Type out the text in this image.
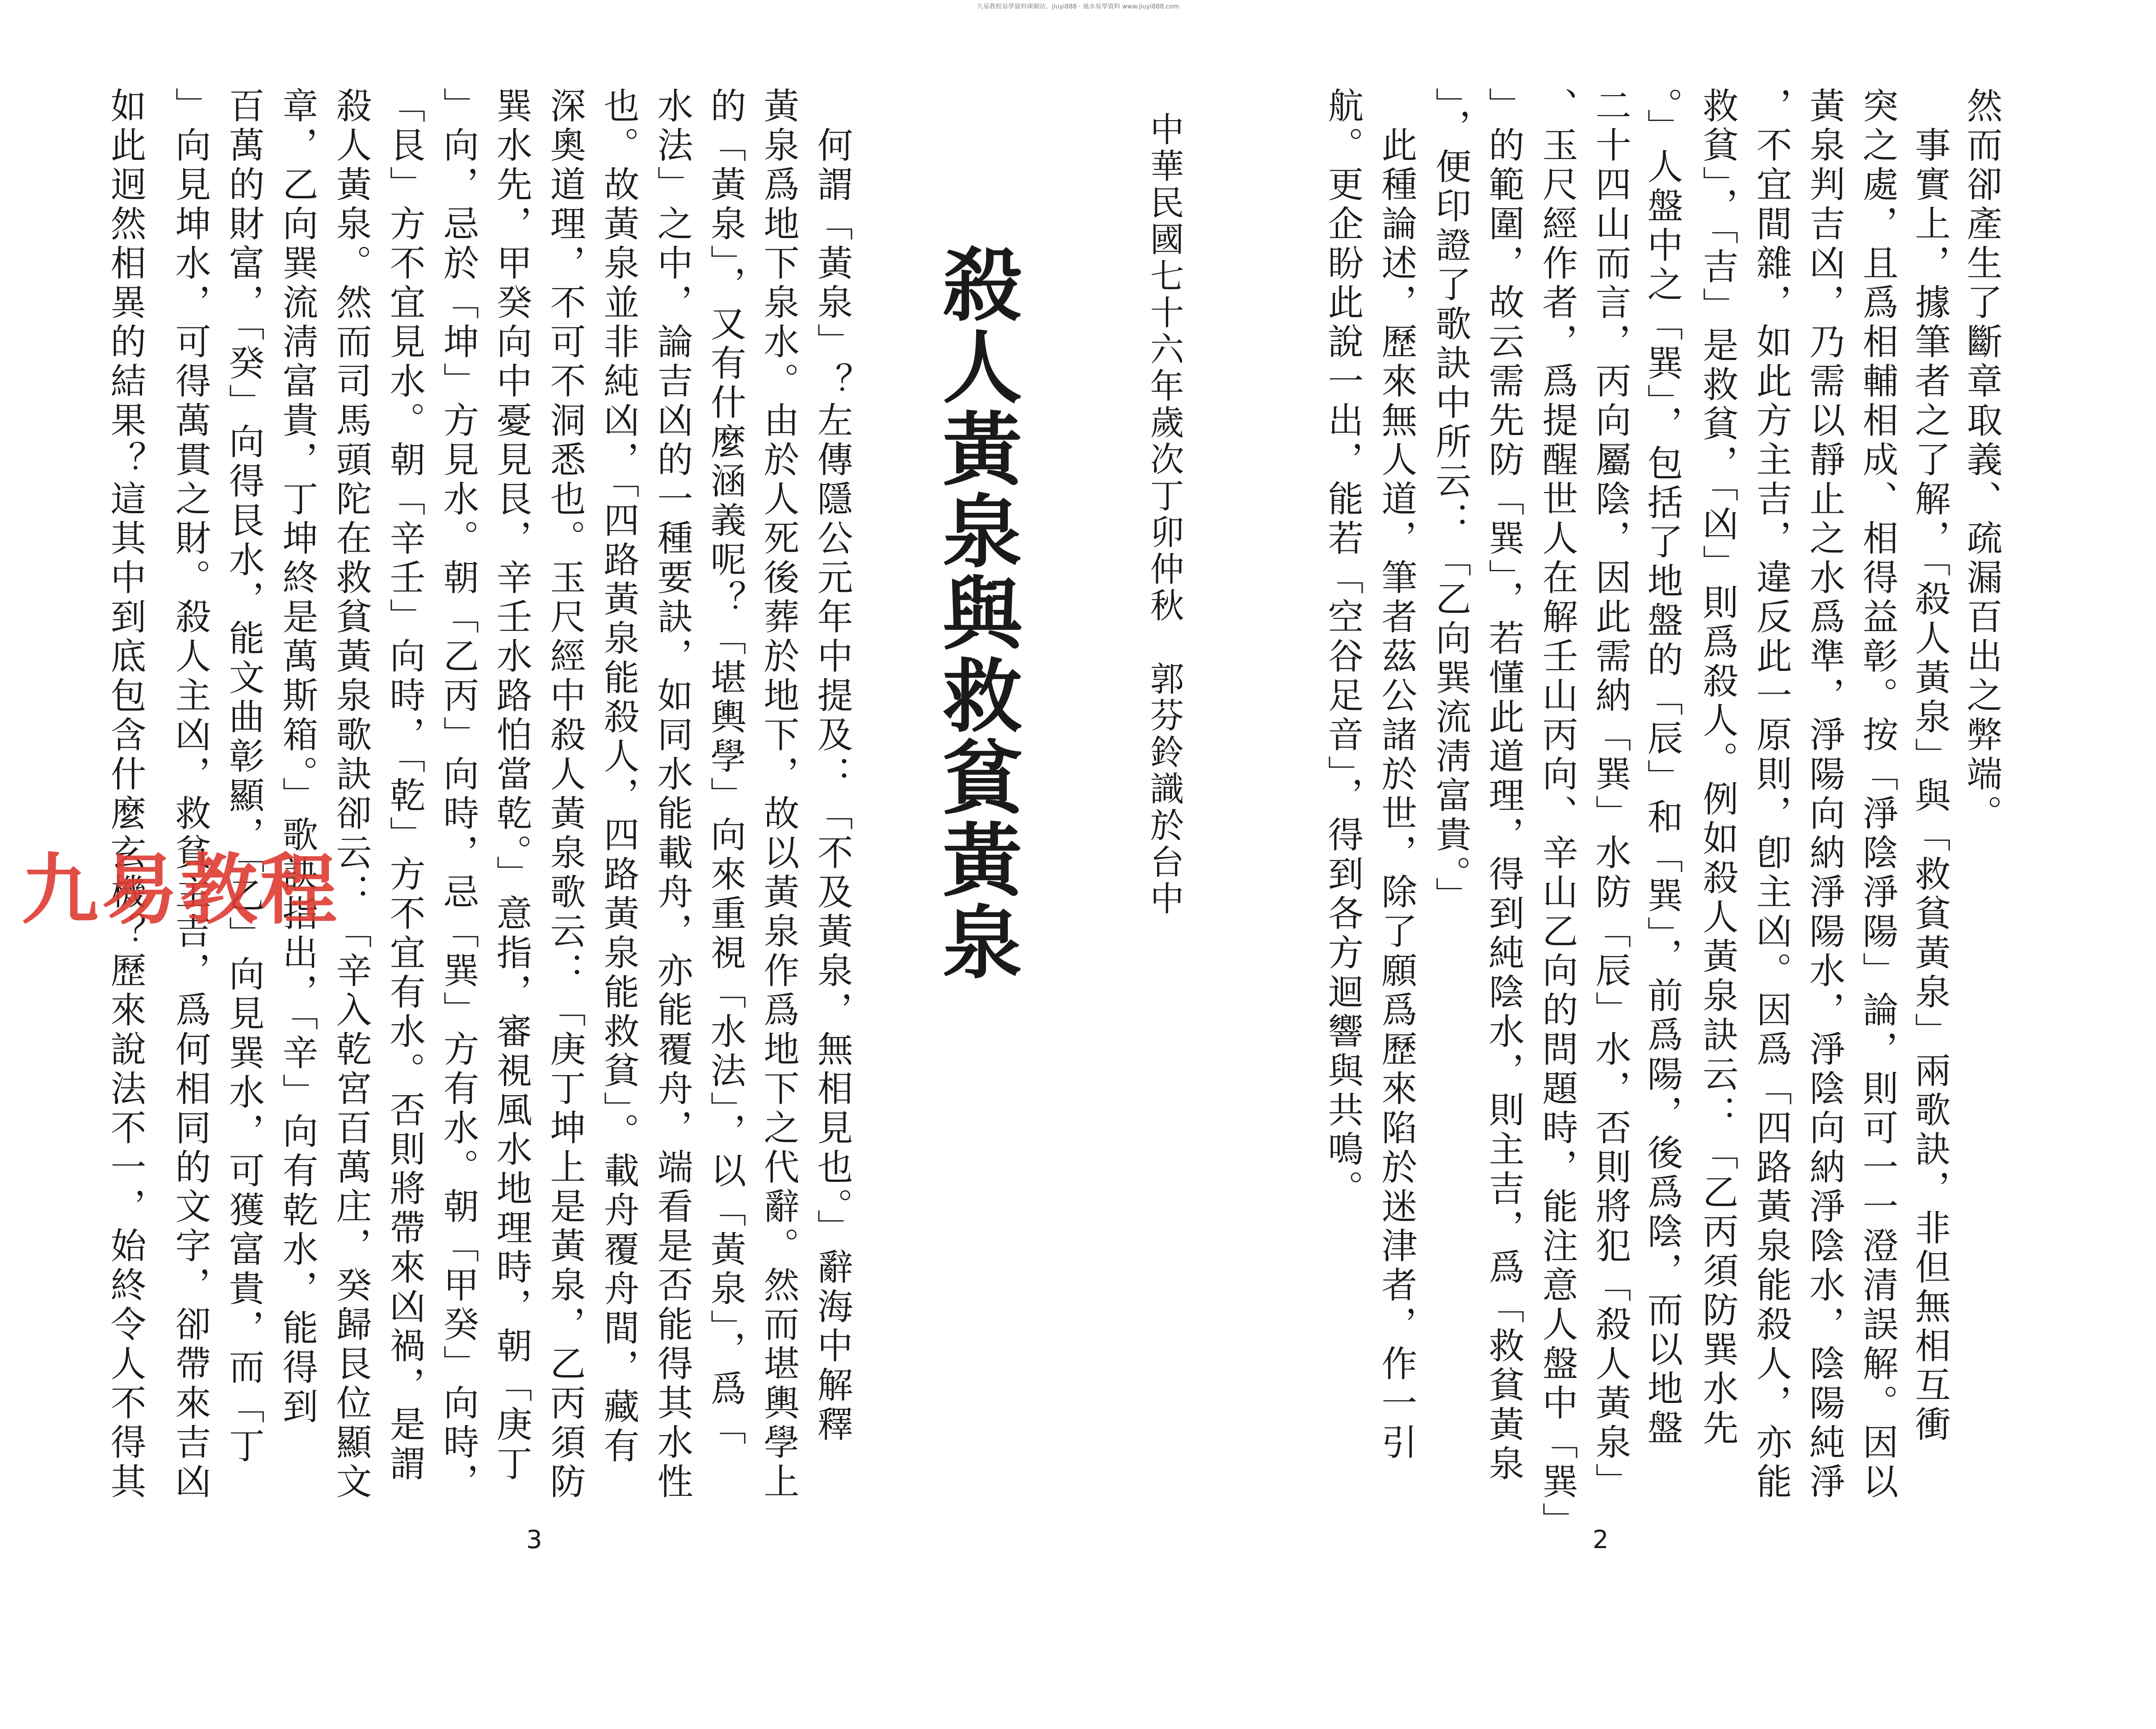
九易教程易學資料庫網站，jiuyi888 · 風水易學資料 www.jiuyi888.com
然而卻產生了斷章取義、疏漏百出之弊端。
　事實上，據筆者之了解，「殺人黃泉」與「救貧黃泉」兩歌訣，非但無相互衝
突之處，且爲相輔相成、相得益彰。按「淨陰淨陽」論，則可一一澄清誤解。因以
黃泉判吉凶，乃需以靜止之水爲準，淨陽向納淨陽水，淨陰向納淨陰水，陰陽純淨
，不宜間雜，如此方主吉，違反此一原則，卽主凶。因爲「四路黃泉能殺人，亦能
救貧」，「吉」是救貧，「凶」則爲殺人。例如殺人黃泉訣云：「乙丙須防巽水先
。」人盤中之「巽」，包括了地盤的「辰」和「巽」，前爲陽，後爲陰，而以地盤
二十四山而言，丙向屬陰，因此需納「巽」水防「辰」水，否則將犯「殺人黃泉」
、玉尺經作者，爲提醒世人在解壬山丙向、辛山乙向的問題時，能注意人盤中「巽」
」的範圍，故云需先防「巽」，若懂此道理，得到純陰水，則主吉，爲「救貧黃泉
」，便印證了歌訣中所云：「乙向巽流淸富貴。」
　此種論述，歷來無人道，筆者茲公諸於世，除了願爲歷來陷於迷津者，作一引
航。更企盼此說一出，能若「空谷足音」，得到各方迴響與共鳴。
中華民國七十六年歲次丁卯仲秋　郭芬鈴識於台中
2
殺人黃泉與救貧黃泉
　何謂「黃泉」？左傳隱公元年中提及：「不及黃泉，無相見也。」辭海中解釋
黃泉爲地下泉水。由於人死後葬於地下，故以黃泉作爲地下之代辭。然而堪輿學上
的「黃泉」，又有什麼涵義呢？「堪輿學」向來重視「水法」，以「黃泉」，爲「
水法」之中，論吉凶的一種要訣，如同水能載舟，亦能覆舟，端看是否能得其水性
也。故黃泉並非純凶，「四路黃泉能殺人，四路黃泉能救貧」。載舟覆舟間，藏有
深奧道理，不可不洞悉也。玉尺經中殺人黃泉歌云：「庚丁坤上是黃泉，乙丙須防
巽水先，甲癸向中憂見艮，辛壬水路怕當乾。」意指，審視風水地理時，朝「庚丁
」向，忌於「坤」方見水。朝「乙丙」向時，忌「巽」方有水。朝「甲癸」向時，
「艮」方不宜見水。朝「辛壬」向時，「乾」方不宜有水。否則將帶來凶禍，是謂
殺人黃泉。然而司馬頭陀在救貧黃泉歌訣卻云：「辛入乾宮百萬庄，癸歸艮位顯文
章，乙向巽流淸富貴，丁坤終是萬斯箱。」歌訣指出，「辛」向有乾水，能得到
百萬的財富，「癸」向得艮水，能文曲彰顯，「乙」向見巽水，可獲富貴，而「丁
」向見坤水，可得萬貫之財。殺人主凶，救貧主吉，爲何相同的文字，卻帶來吉凶
如此迥然相異的結果？這其中到底包含什麼玄機？歷來說法不一，始終令人不得其
3
九易教程
